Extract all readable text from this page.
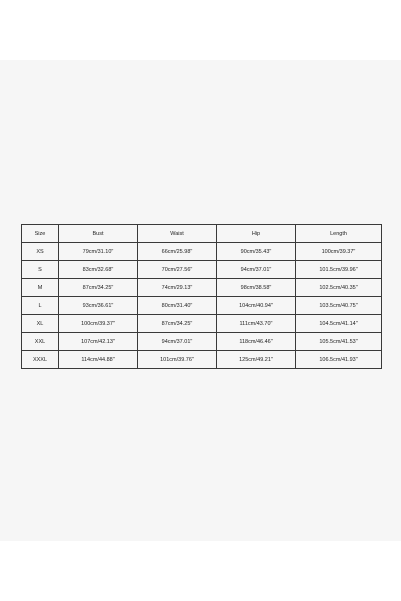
Size	Bust	Waist	Hip	Length
XS	79cm/31.10"	66cm/25.98"	90cm/35.43"	100cm/39.37"
S	83cm/32.68"	70cm/27.56"	94cm/37.01"	101.5cm/39.96"
M	87cm/34.25"	74cm/29.13"	98cm/38.58"	102.5cm/40.35"
L	93cm/36.61"	80cm/31.40"	104cm/40.94"	103.5cm/40.75"
XL	100cm/39.37"	87cm/34.25"	111cm/43.70"	104.5cm/41.14"
XXL	107cm/42.13"	94cm/37.01"	118cm/46.46"	105.5cm/41.53"
XXXL	114cm/44.88"	101cm/39.76"	125cm/49.21"	106.5cm/41.93"
